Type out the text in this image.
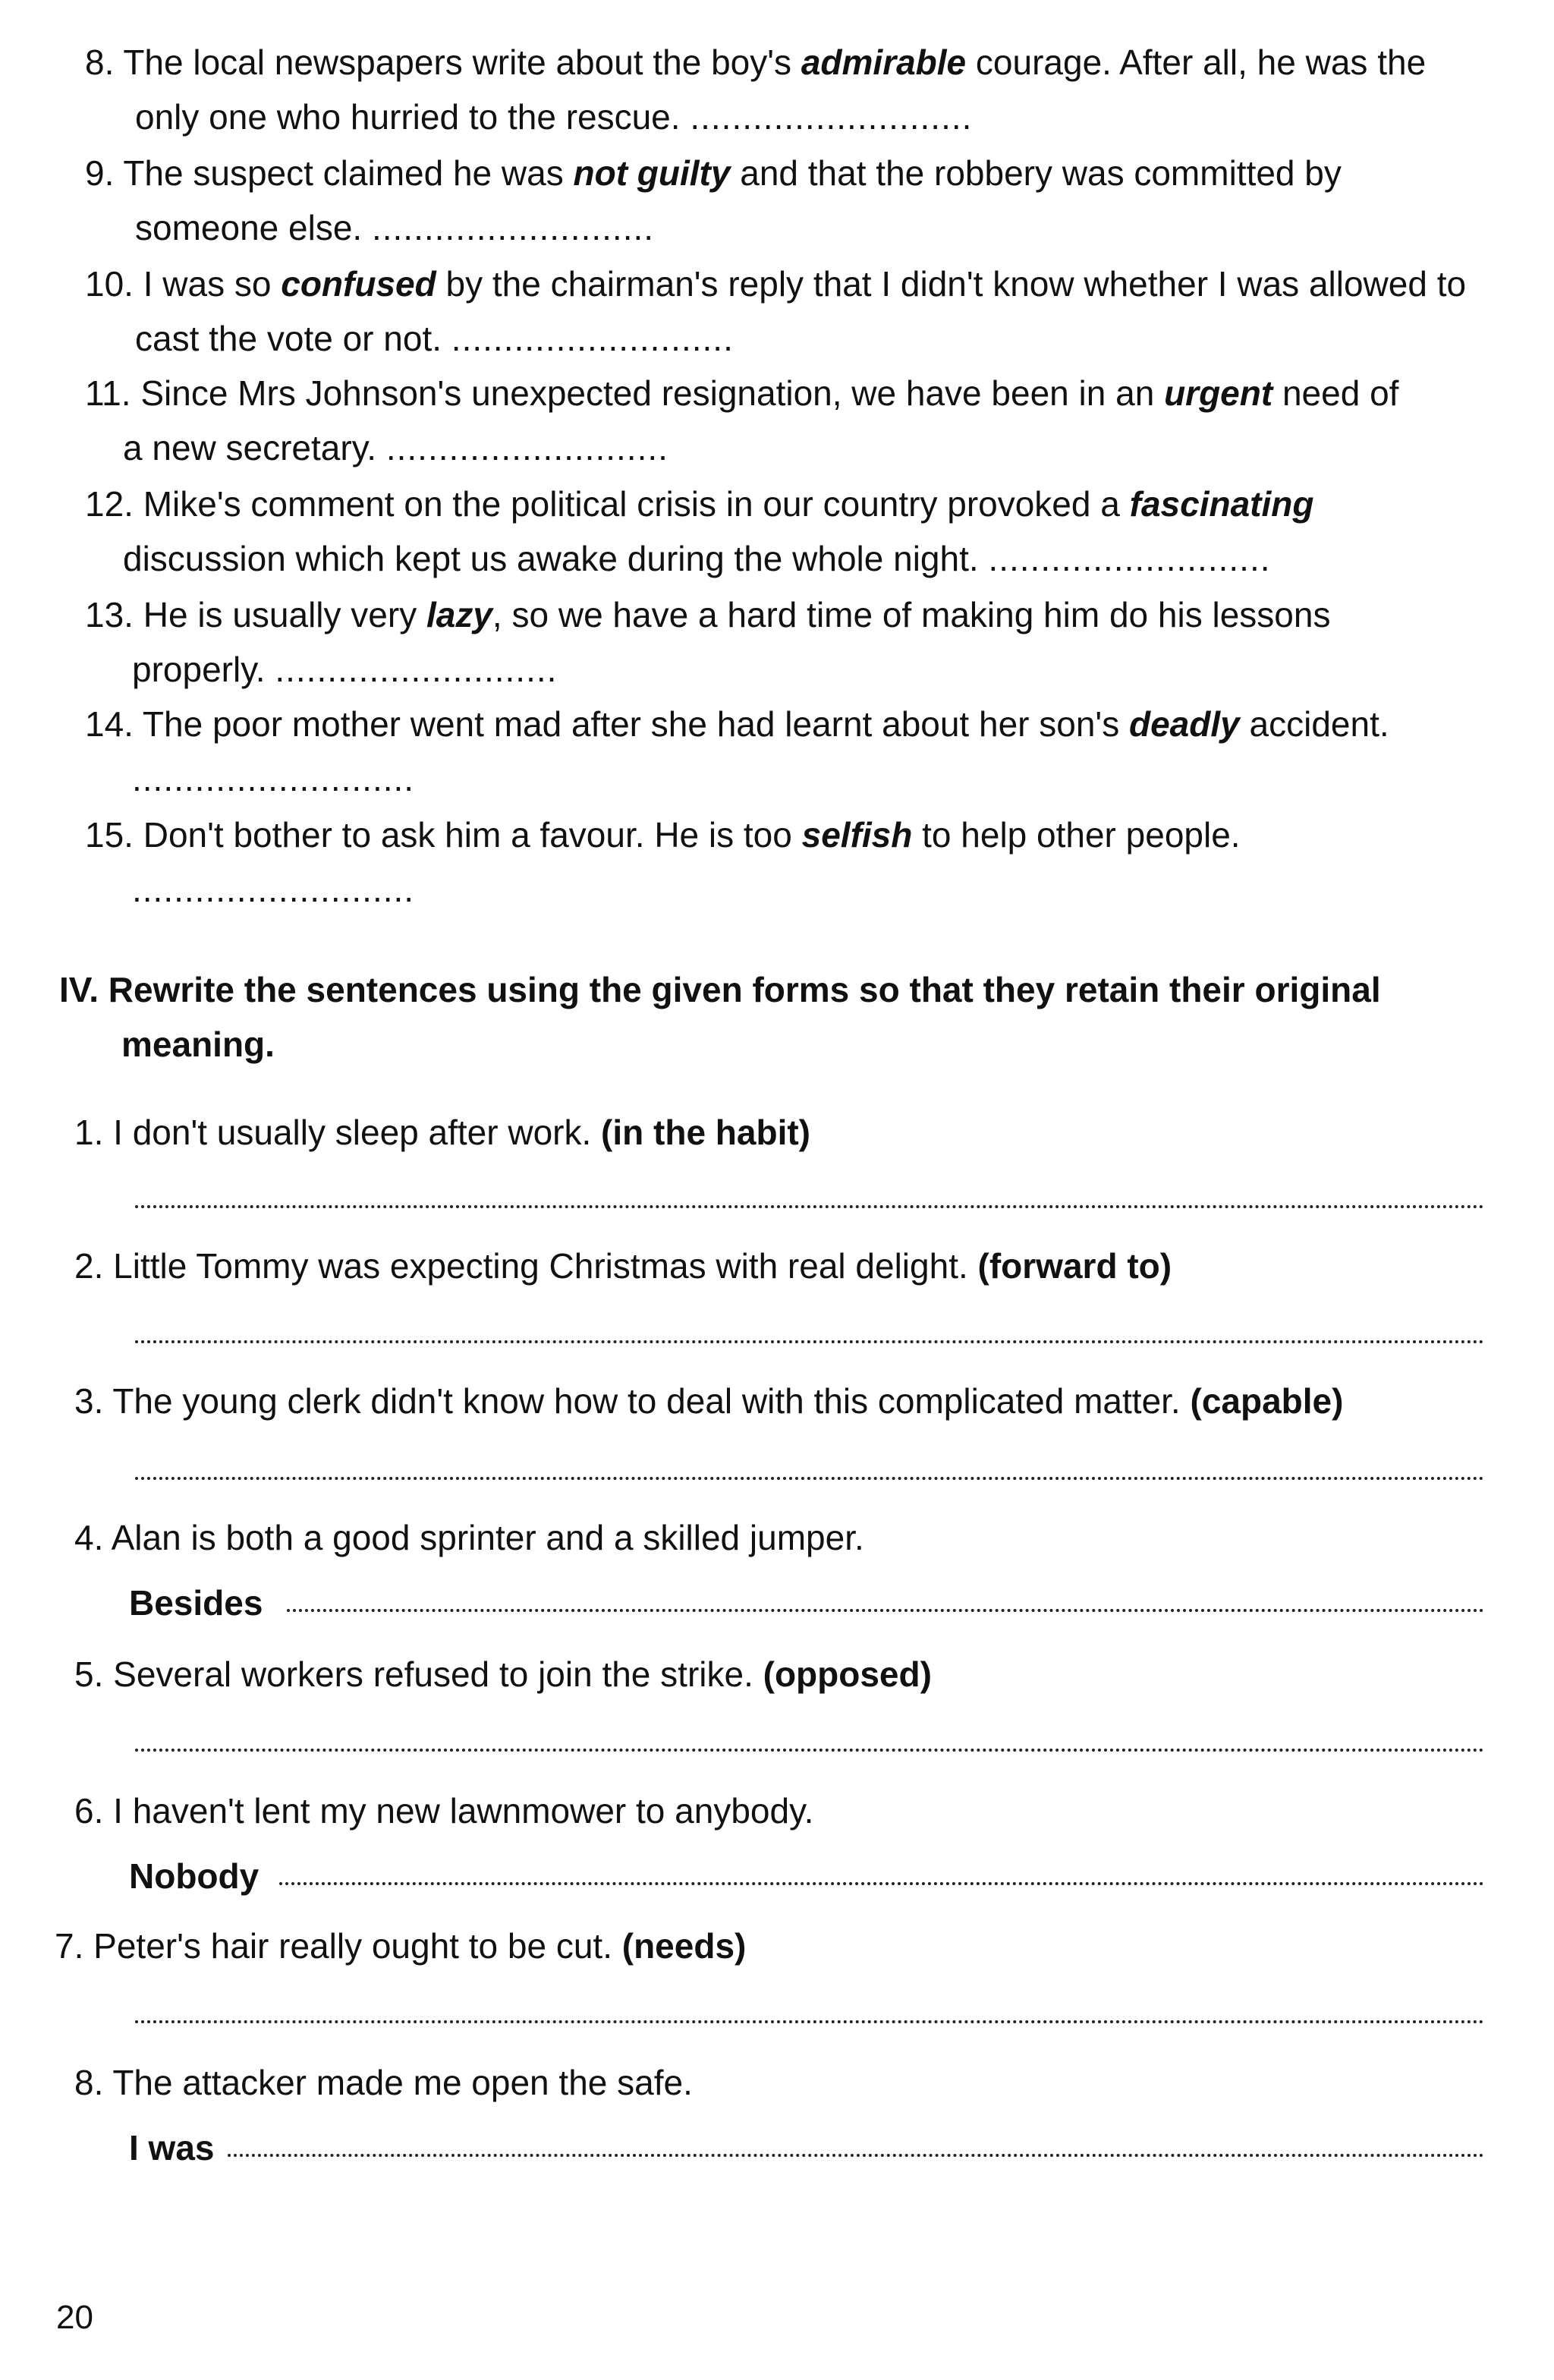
8. The local newspapers write about the boy's admirable courage. After all, he was the
only one who hurried to the rescue. ...........................
9. The suspect claimed he was not guilty and that the robbery was committed by
someone else. ...........................
10. I was so confused by the chairman's reply that I didn't know whether I was allowed to
cast the vote or not. ...........................
11. Since Mrs Johnson's unexpected resignation, we have been in an urgent need of
a new secretary. ...........................
12. Mike's comment on the political crisis in our country provoked a fascinating
discussion which kept us awake during the whole night. ...........................
13. He is usually very lazy, so we have a hard time of making him do his lessons
properly. ...........................
14. The poor mother went mad after she had learnt about her son's deadly accident.
...........................
15. Don't bother to ask him a favour. He is too selfish to help other people.
...........................
IV. Rewrite the sentences using the given forms so that they retain their original
meaning.
1. I don't usually sleep after work. (in the habit)
2. Little Tommy was expecting Christmas with real delight. (forward to)
3. The young clerk didn't know how to deal with this complicated matter. (capable)
4. Alan is both a good sprinter and a skilled jumper.
Besides
5. Several workers refused to join the strike. (opposed)
6. I haven't lent my new lawnmower to anybody.
Nobody
7. Peter's hair really ought to be cut. (needs)
8. The attacker made me open the safe.
I was
20
